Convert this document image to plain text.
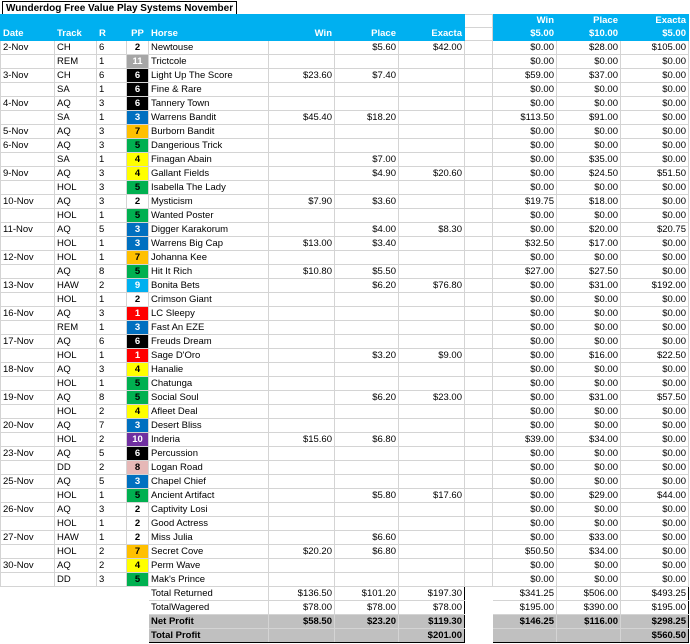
Wunderdog Free Value Play Systems November
									Win	Place	Exacta
Date	Track	R	PP	Horse	Win	Place	Exacta		$5.00	$10.00	$5.00
2-Nov	CH	6	2	Newtouse		$5.60	$42.00		$0.00	$28.00	$105.00
	REM	1	11	Trictcole					$0.00	$0.00	$0.00
3-Nov	CH	6	6	Light Up The Score	$23.60	$7.40			$59.00	$37.00	$0.00
	SA	1	6	Fine & Rare					$0.00	$0.00	$0.00
4-Nov	AQ	3	6	Tannery Town					$0.00	$0.00	$0.00
	SA	1	3	Warrens Bandit	$45.40	$18.20			$113.50	$91.00	$0.00
5-Nov	AQ	3	7	Burborn Bandit					$0.00	$0.00	$0.00
6-Nov	AQ	3	5	Dangerious Trick					$0.00	$0.00	$0.00
	SA	1	4	Finagan Abain		$7.00			$0.00	$35.00	$0.00
9-Nov	AQ	3	4	Gallant Fields		$4.90	$20.60		$0.00	$24.50	$51.50
	HOL	3	5	Isabella The Lady					$0.00	$0.00	$0.00
10-Nov	AQ	3	2	Mysticism	$7.90	$3.60			$19.75	$18.00	$0.00
	HOL	1	5	Wanted Poster					$0.00	$0.00	$0.00
11-Nov	AQ	5	3	Digger Karakorum		$4.00	$8.30		$0.00	$20.00	$20.75
	HOL	1	3	Warrens Big Cap	$13.00	$3.40			$32.50	$17.00	$0.00
12-Nov	HOL	1	7	Johanna Kee					$0.00	$0.00	$0.00
	AQ	8	5	Hit It Rich	$10.80	$5.50			$27.00	$27.50	$0.00
13-Nov	HAW	2	9	Bonita Bets		$6.20	$76.80		$0.00	$31.00	$192.00
	HOL	1	2	Crimson Giant					$0.00	$0.00	$0.00
16-Nov	AQ	3	1	LC Sleepy					$0.00	$0.00	$0.00
	REM	1	3	Fast An EZE					$0.00	$0.00	$0.00
17-Nov	AQ	6	6	Freuds Dream					$0.00	$0.00	$0.00
	HOL	1	1	Sage D'Oro		$3.20	$9.00		$0.00	$16.00	$22.50
18-Nov	AQ	3	4	Hanalie					$0.00	$0.00	$0.00
	HOL	1	5	Chatunga					$0.00	$0.00	$0.00
19-Nov	AQ	8	5	Social Soul		$6.20	$23.00		$0.00	$31.00	$57.50
	HOL	2	4	Afleet Deal					$0.00	$0.00	$0.00
20-Nov	AQ	7	3	Desert Bliss					$0.00	$0.00	$0.00
	HOL	2	10	Inderia	$15.60	$6.80			$39.00	$34.00	$0.00
23-Nov	AQ	5	6	Percussion					$0.00	$0.00	$0.00
	DD	2	8	Logan Road					$0.00	$0.00	$0.00
25-Nov	AQ	5	3	Chapel Chief					$0.00	$0.00	$0.00
	HOL	1	5	Ancient Artifact		$5.80	$17.60		$0.00	$29.00	$44.00
26-Nov	AQ	3	2	Captivity Losi					$0.00	$0.00	$0.00
	HOL	1	2	Good Actress					$0.00	$0.00	$0.00
27-Nov	HAW	1	2	Miss Julia		$6.60			$0.00	$33.00	$0.00
	HOL	2	7	Secret Cove	$20.20	$6.80			$50.50	$34.00	$0.00
30-Nov	AQ	2	4	Perm Wave					$0.00	$0.00	$0.00
	DD	3	5	Mak's Prince					$0.00	$0.00	$0.00
				Total Returned	$136.50	$101.20	$197.30		$341.25	$506.00	$493.25
				TotalWagered	$78.00	$78.00	$78.00		$195.00	$390.00	$195.00
				Net Profit	$58.50	$23.20	$119.30		$146.25	$116.00	$298.25
				Total Profit			$201.00				$560.50
